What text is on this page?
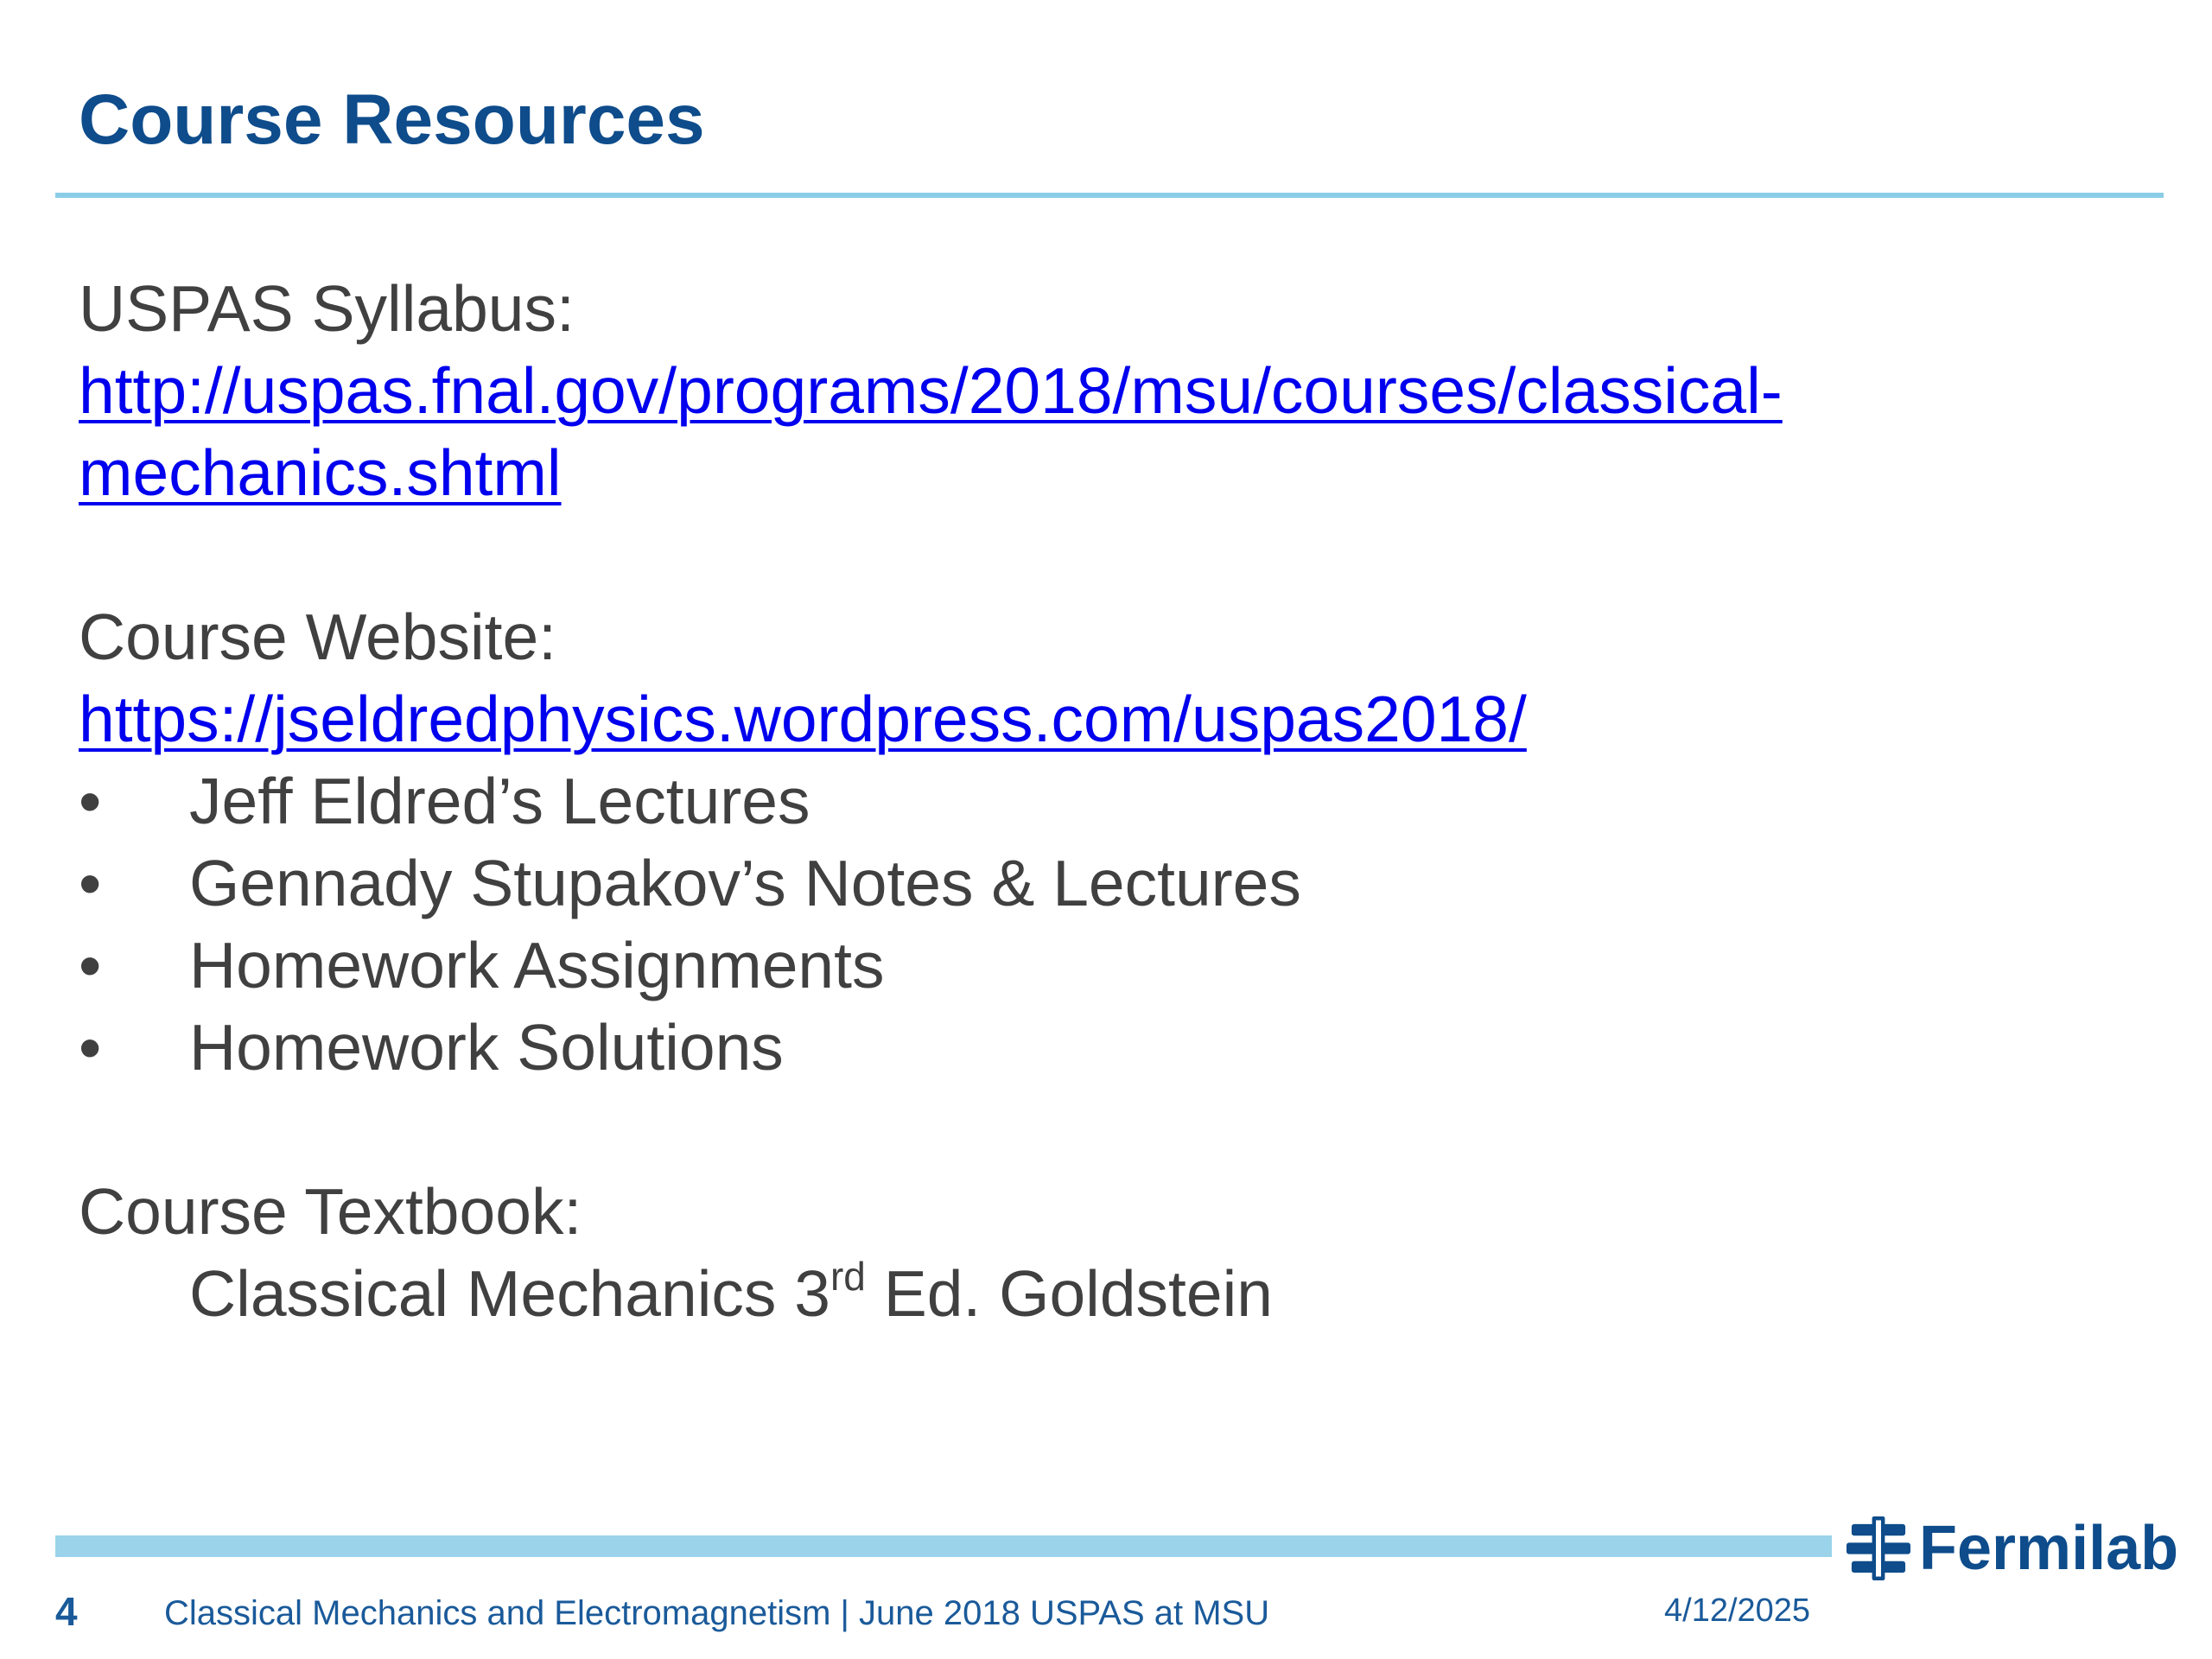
Course Resources

USPAS Syllabus:

http://uspas.fnal.gov/programs/2018/msu/courses/classical-
mechanics.shtml

Course Website:

https://jseldredphysics.wordpress.com/uspas2018/

• Jeff Eldred’s Lectures
• Gennady Stupakov’s Notes & Lectures
• Homework Assignments
• Homework Solutions

Course Textbook:

Classical Mechanics 3rd Ed. Goldstein

Fermilab
4	Classical Mechanics and Electromagnetism | June 2018 USPAS at MSU	4/12/2025
